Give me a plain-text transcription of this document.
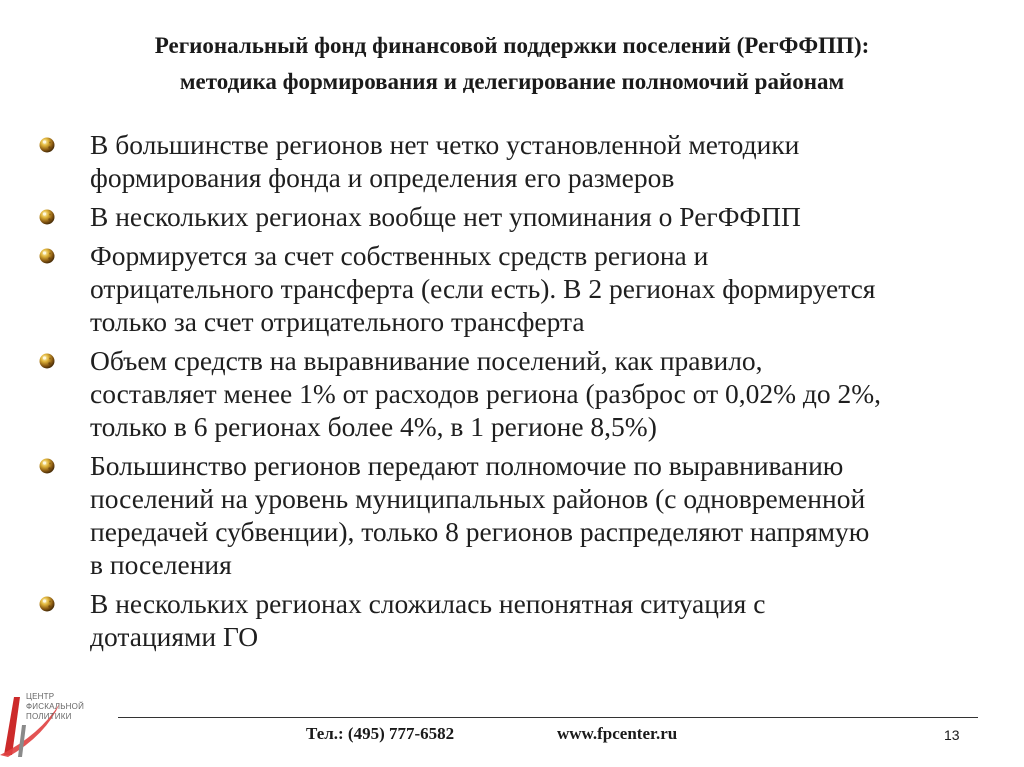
Региональный фонд финансовой поддержки поселений (РегФФПП):
методика формирования и делегирование полномочий районам
В большинстве регионов нет четко установленной методики
формирования фонда и определения его размеров
В нескольких регионах вообще нет упоминания о РегФФПП
Формируется за счет собственных средств региона и
отрицательного трансферта (если есть). В 2 регионах формируется
только за счет отрицательного трансферта
Объем средств на выравнивание поселений, как правило,
составляет менее 1% от расходов региона (разброс от 0,02% до 2%,
только в 6 регионах более 4%, в 1 регионе 8,5%)
Большинство регионов передают полномочие по выравниванию
поселений на уровень муниципальных районов (с одновременной
передачей субвенции), только 8 регионов распределяют напрямую
в поселения
В нескольких регионах сложилась непонятная ситуация с
дотациями ГО
ЦЕНТР
ФИСКАЛЬНОЙ
ПОЛИТИКИ
Тел.: (495) 777-6582	www.fpcenter.ru	13
